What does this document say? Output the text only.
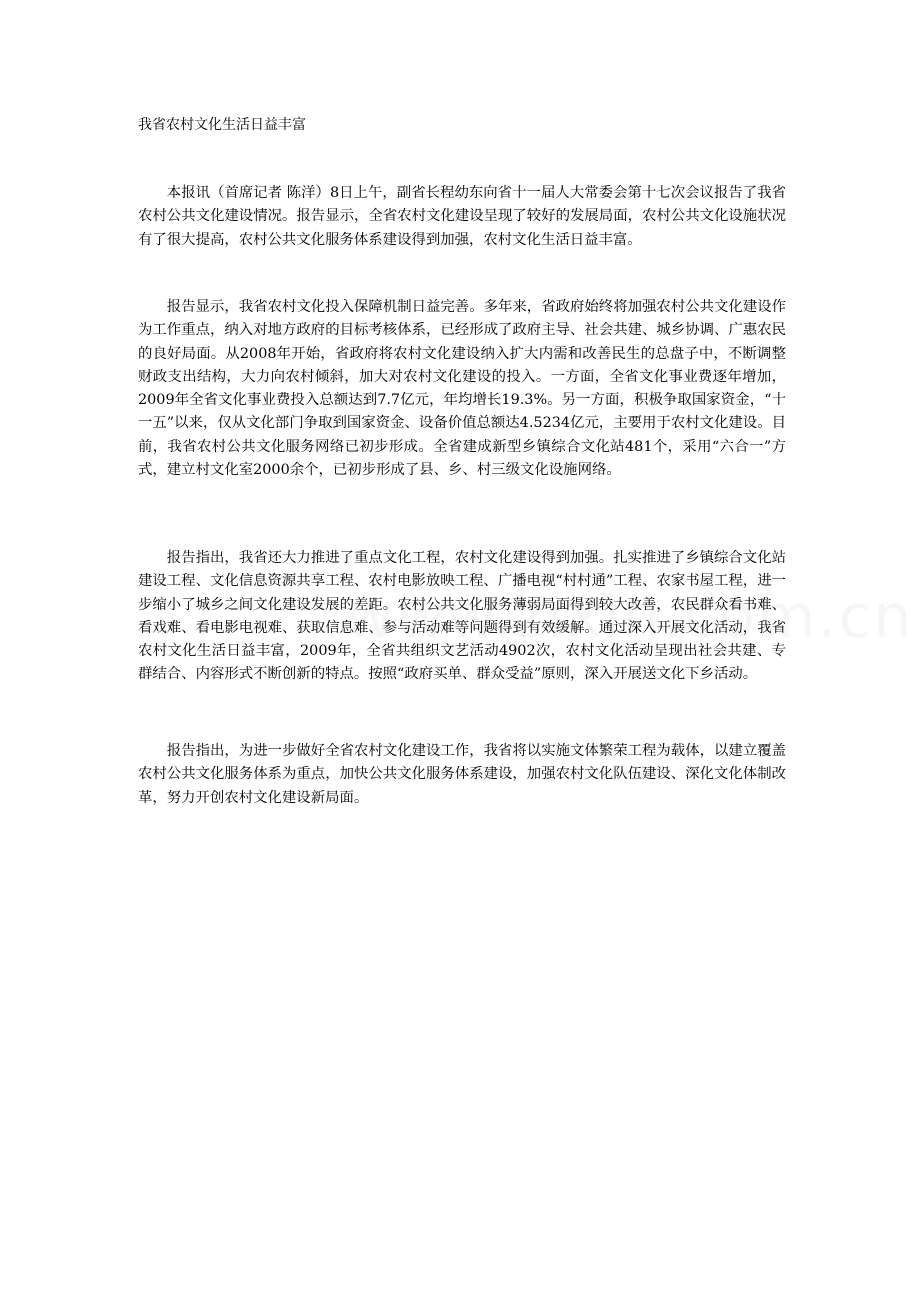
我省农村文化生活日益丰富

本报讯（首席记者 陈洋）8日上午，副省长程幼东向省十一届人大常委会第十七次会议报告了我省农村公共文化建设情况。报告显示，全省农村文化建设呈现了较好的发展局面，农村公共文化设施状况有了很大提高，农村公共文化服务体系建设得到加强，农村文化生活日益丰富。

报告显示，我省农村文化投入保障机制日益完善。多年来，省政府始终将加强农村公共文化建设作为工作重点，纳入对地方政府的目标考核体系，已经形成了政府主导、社会共建、城乡协调、广惠农民的良好局面。从2008年开始，省政府将农村文化建设纳入扩大内需和改善民生的总盘子中，不断调整财政支出结构，大力向农村倾斜，加大对农村文化建设的投入。一方面，全省文化事业费逐年增加，2009年全省文化事业费投入总额达到7.7亿元，年均增长19.3%。另一方面，积极争取国家资金，“十一五”以来，仅从文化部门争取到国家资金、设备价值总额达4.5234亿元，主要用于农村文化建设。目前，我省农村公共文化服务网络已初步形成。全省建成新型乡镇综合文化站481个，采用“六合一”方式，建立村文化室2000余个，已初步形成了县、乡、村三级文化设施网络。

报告指出，我省还大力推进了重点文化工程，农村文化建设得到加强。扎实推进了乡镇综合文化站建设工程、文化信息资源共享工程、农村电影放映工程、广播电视“村村通”工程、农家书屋工程，进一步缩小了城乡之间文化建设发展的差距。农村公共文化服务薄弱局面得到较大改善，农民群众看书难、看戏难、看电影电视难、获取信息难、参与活动难等问题得到有效缓解。通过深入开展文化活动，我省农村文化生活日益丰富，2009年，全省共组织文艺活动4902次，农村文化活动呈现出社会共建、专群结合、内容形式不断创新的特点。按照“政府买单、群众受益”原则，深入开展送文化下乡活动。

报告指出，为进一步做好全省农村文化建设工作，我省将以实施文体繁荣工程为载体，以建立覆盖农村公共文化服务体系为重点，加快公共文化服务体系建设，加强农村文化队伍建设、深化文化体制改革，努力开创农村文化建设新局面。
